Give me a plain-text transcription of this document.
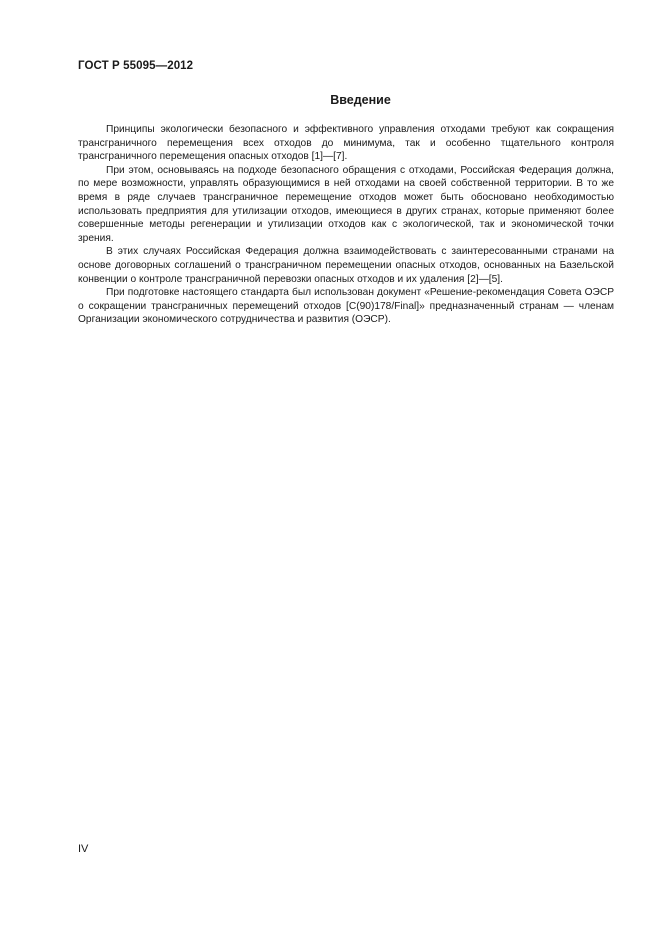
ГОСТ Р 55095—2012
Введение

Принципы экологически безопасного и эффективного управления отходами требуют как сокращения трансграничного перемещения всех отходов до минимума, так и особенно тщательного контроля трансграничного перемещения опасных отходов [1]—[7].

При этом, основываясь на подходе безопасного обращения с отходами, Российская Федерация должна, по мере возможности, управлять образующимися в ней отходами на своей собственной территории. В то же время в ряде случаев трансграничное перемещение отходов может быть обосновано необходимостью использовать предприятия для утилизации отходов, имеющиеся в других странах, которые применяют более совершенные методы регенерации и утилизации отходов как с экологической, так и экономической точки зрения.

В этих случаях Российская Федерация должна взаимодействовать с заинтересованными странами на основе договорных соглашений о трансграничном перемещении опасных отходов, основанных на Базельской конвенции о контроле трансграничной перевозки опасных отходов и их удаления [2]—[5].

При подготовке настоящего стандарта был использован документ «Решение-рекомендация Совета ОЭСР о сокращении трансграничных перемещений отходов [C(90)178/Final]» предназначенный странам — членам Организации экономического сотрудничества и развития (ОЭСР).

IV
